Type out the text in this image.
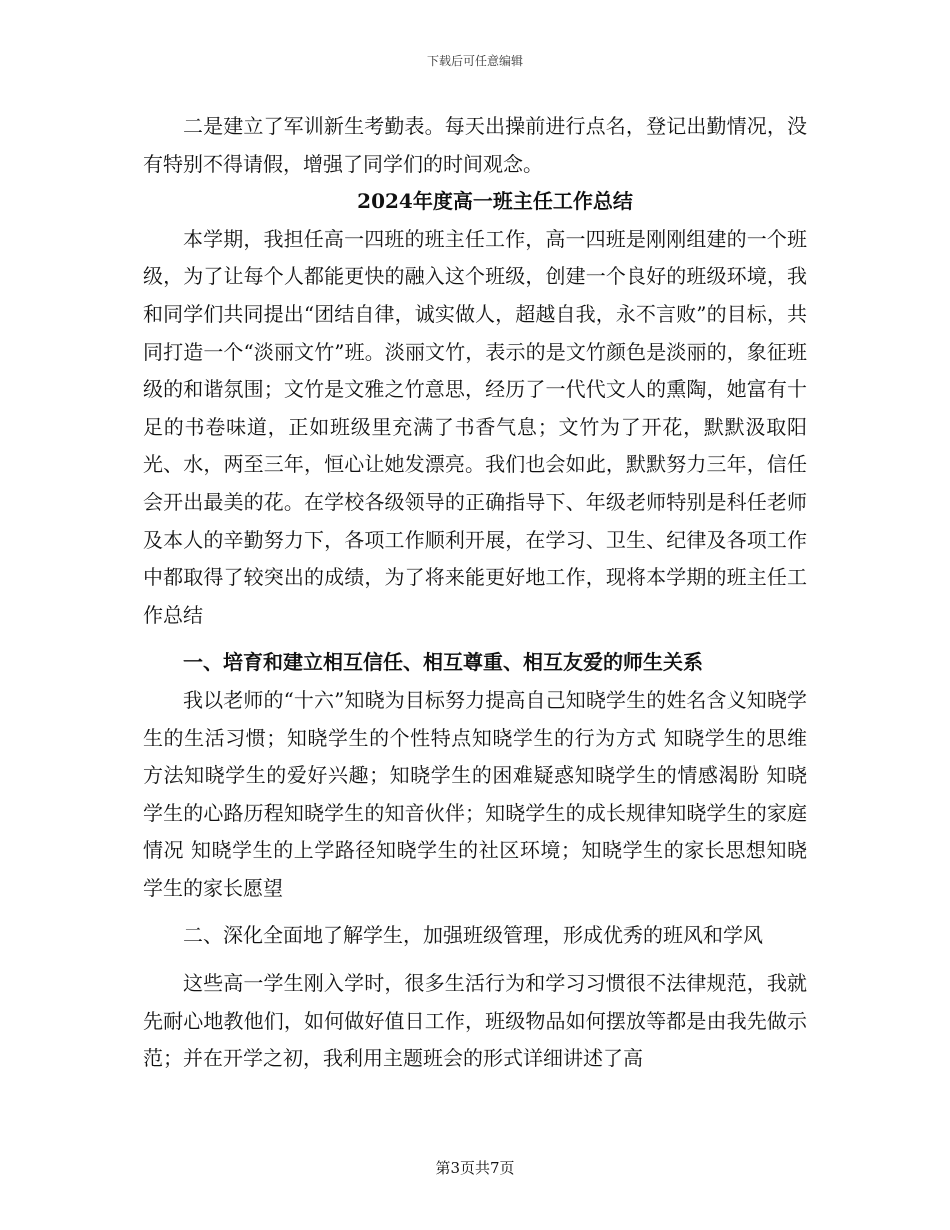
下载后可任意编辑

二是建立了军训新生考勤表。每天出操前进行点名，登记出勤情况，没有特别不得请假，增强了同学们的时间观念。

2024年度高一班主任工作总结

本学期，我担任高一四班的班主任工作，高一四班是刚刚组建的一个班级，为了让每个人都能更快的融入这个班级，创建一个良好的班级环境，我和同学们共同提出“团结自律，诚实做人，超越自我，永不言败”的目标，共同打造一个“淡丽文竹”班。淡丽文竹，表示的是文竹颜色是淡丽的，象征班级的和谐氛围；文竹是文雅之竹意思，经历了一代代文人的熏陶，她富有十足的书卷味道，正如班级里充满了书香气息；文竹为了开花，默默汲取阳光、水，两至三年，恒心让她发漂亮。我们也会如此，默默努力三年，信任会开出最美的花。在学校各级领导的正确指导下、年级老师特别是科任老师及本人的辛勤努力下，各项工作顺利开展，在学习、卫生、纪律及各项工作中都取得了较突出的成绩，为了将来能更好地工作，现将本学期的班主任工作总结

一、培育和建立相互信任、相互尊重、相互友爱的师生关系

我以老师的“十六”知晓为目标努力提高自己知晓学生的姓名含义知晓学生的生活习惯；知晓学生的个性特点知晓学生的行为方式 知晓学生的思维方法知晓学生的爱好兴趣；知晓学生的困难疑惑知晓学生的情感渴盼 知晓学生的心路历程知晓学生的知音伙伴；知晓学生的成长规律知晓学生的家庭情况 知晓学生的上学路径知晓学生的社区环境；知晓学生的家长思想知晓学生的家长愿望

二、深化全面地了解学生，加强班级管理，形成优秀的班风和学风

这些高一学生刚入学时，很多生活行为和学习习惯很不法律规范，我就先耐心地教他们，如何做好值日工作，班级物品如何摆放等都是由我先做示范；并在开学之初，我利用主题班会的形式详细讲述了高

第3页共7页
